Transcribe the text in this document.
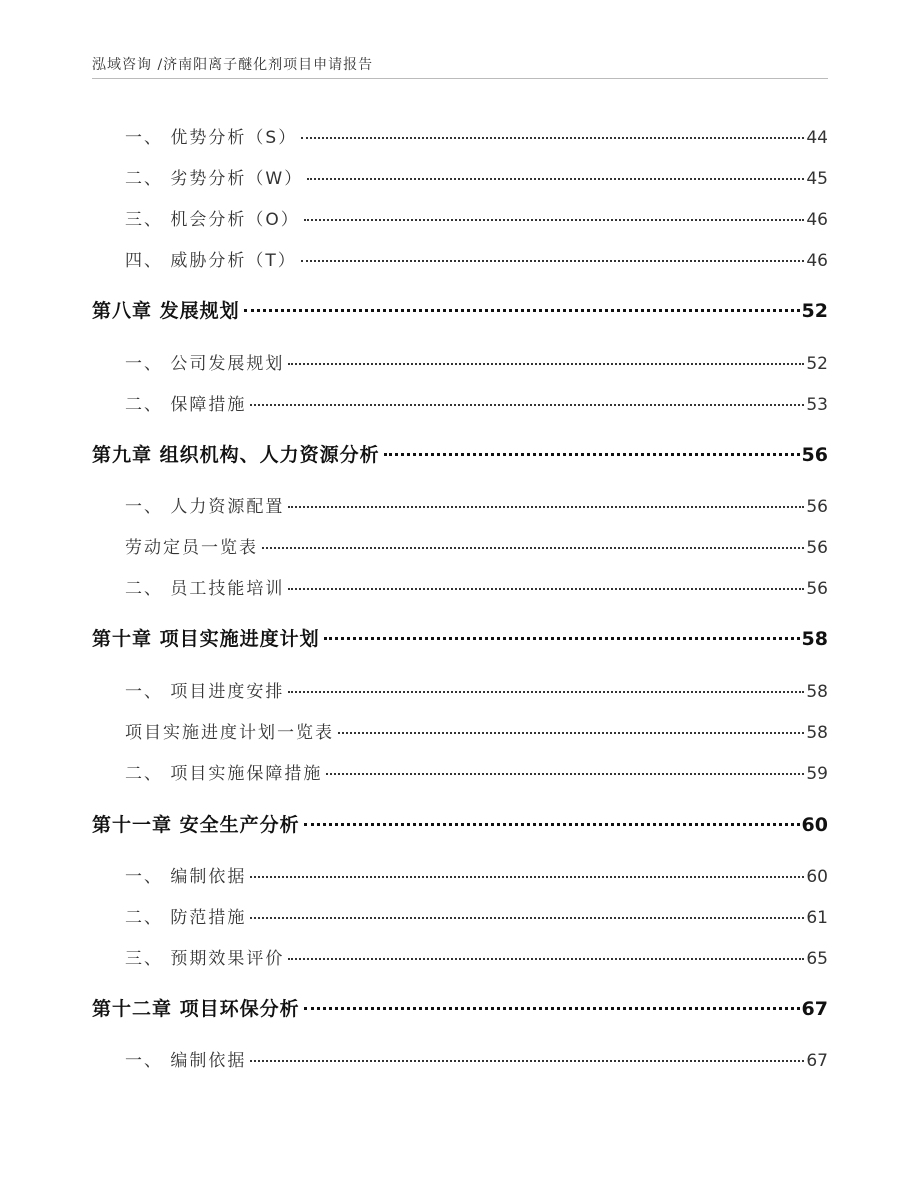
泓域咨询 /济南阳离子醚化剂项目申请报告
一、 优势分析（S）	44
二、 劣势分析（W）	45
三、 机会分析（O）	46
四、 威胁分析（T）	46
第八章 发展规划	52
一、 公司发展规划	52
二、 保障措施	53
第九章 组织机构、人力资源分析	56
一、 人力资源配置	56
劳动定员一览表	56
二、 员工技能培训	56
第十章 项目实施进度计划	58
一、 项目进度安排	58
项目实施进度计划一览表	58
二、 项目实施保障措施	59
第十一章 安全生产分析	60
一、 编制依据	60
二、 防范措施	61
三、 预期效果评价	65
第十二章 项目环保分析	67
一、 编制依据	67
